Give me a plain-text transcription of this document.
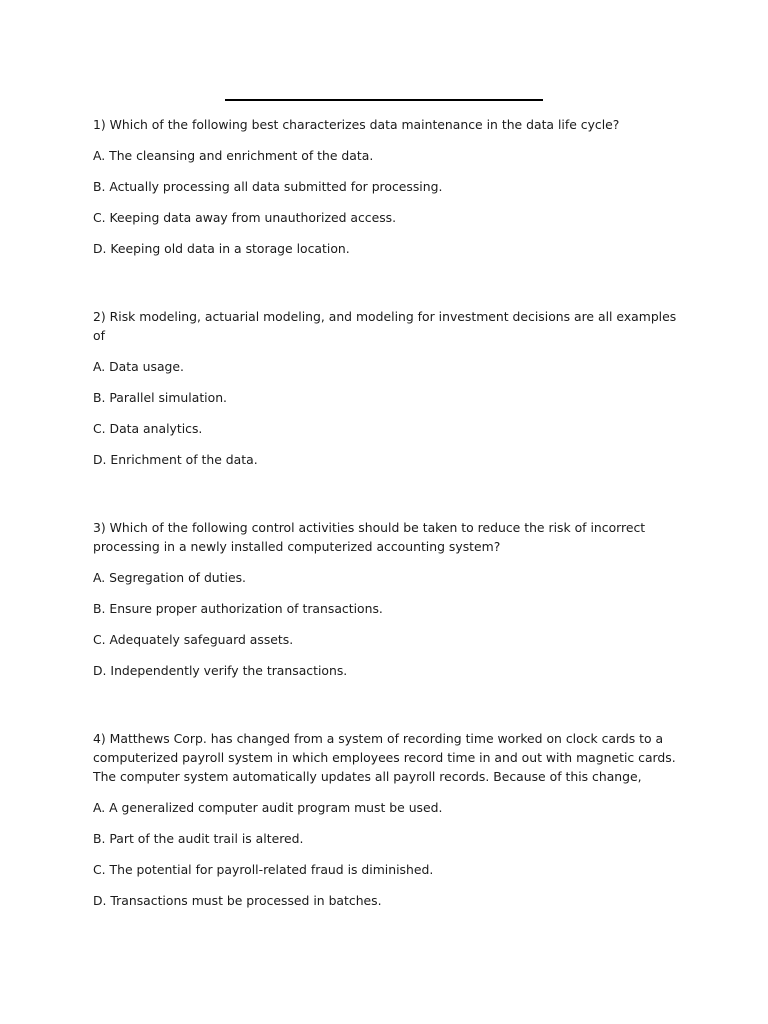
1) Which of the following best characterizes data maintenance in the data life cycle?

A. The cleansing and enrichment of the data.

B. Actually processing all data submitted for processing.

C. Keeping data away from unauthorized access.

D. Keeping old data in a storage location.

2) Risk modeling, actuarial modeling, and modeling for investment decisions are all examples of

A. Data usage.

B. Parallel simulation.

C. Data analytics.

D. Enrichment of the data.

3) Which of the following control activities should be taken to reduce the risk of incorrect processing in a newly installed computerized accounting system?

A. Segregation of duties.

B. Ensure proper authorization of transactions.

C. Adequately safeguard assets.

D. Independently verify the transactions.

4) Matthews Corp. has changed from a system of recording time worked on clock cards to a computerized payroll system in which employees record time in and out with magnetic cards. The computer system automatically updates all payroll records. Because of this change,

A. A generalized computer audit program must be used.

B. Part of the audit trail is altered.

C. The potential for payroll-related fraud is diminished.

D. Transactions must be processed in batches.
